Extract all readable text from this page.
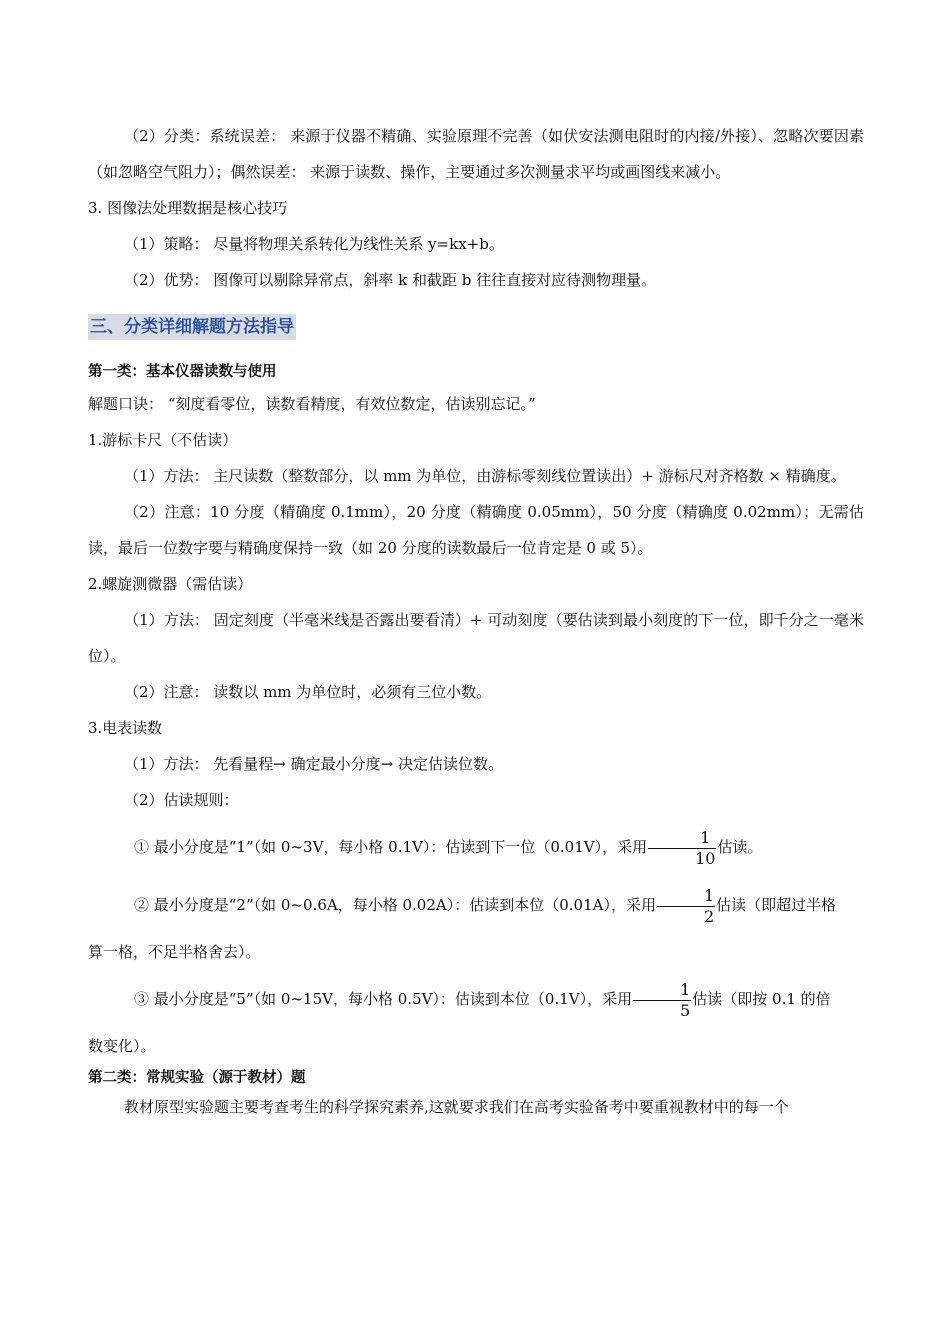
（2）分类：系统误差： 来源于仪器不精确、实验原理不完善（如伏安法测电阻时的内接/外接）、忽略次要因素（如忽略空气阻力）；偶然误差： 来源于读数、操作，主要通过多次测量求平均或画图线来减小。

3. 图像法处理数据是核心技巧

（1）策略： 尽量将物理关系转化为线性关系 y=kx+b。

（2）优势： 图像可以剔除异常点，斜率 k 和截距 b 往往直接对应待测物理量。

三、分类详细解题方法指导

第一类：基本仪器读数与使用

解题口诀： “刻度看零位，读数看精度，有效位数定，估读别忘记。”

1.游标卡尺（不估读）

（1）方法： 主尺读数（整数部分，以 mm 为单位，由游标零刻线位置读出）+ 游标尺对齐格数 × 精确度。

（2）注意：10 分度（精确度 0.1mm），20 分度（精确度 0.05mm），50 分度（精确度 0.02mm）；无需估读，最后一位数字要与精确度保持一致（如 20 分度的读数最后一位肯定是 0 或 5）。

2.螺旋测微器（需估读）

（1）方法： 固定刻度（半毫米线是否露出要看清）+ 可动刻度（要估读到最小刻度的下一位，即千分之一毫米位）。

（2）注意： 读数以 mm 为单位时，必须有三位小数。

3.电表读数

（1）方法： 先看量程→ 确定最小分度→ 决定估读位数。

（2）估读规则：

① 最小分度是“1”（如 0~3V，每小格 0.1V）：估读到下一位（0.01V），采用 $\frac{1}{10}$ 估读。

② 最小分度是“2”（如 0~0.6A，每小格 0.02A）：估读到本位（0.01A），采用 $\frac{1}{2}$ 估读（即超过半格

算一格，不足半格舍去）。

③ 最小分度是“5”（如 0~15V，每小格 0.5V）：估读到本位（0.1V），采用 $\frac{1}{5}$ 估读（即按 0.1 的倍

数变化）。

第二类：常规实验（源于教材）题

教材原型实验题主要考查考生的科学探究素养,这就要求我们在高考实验备考中要重视教材中的每一个
